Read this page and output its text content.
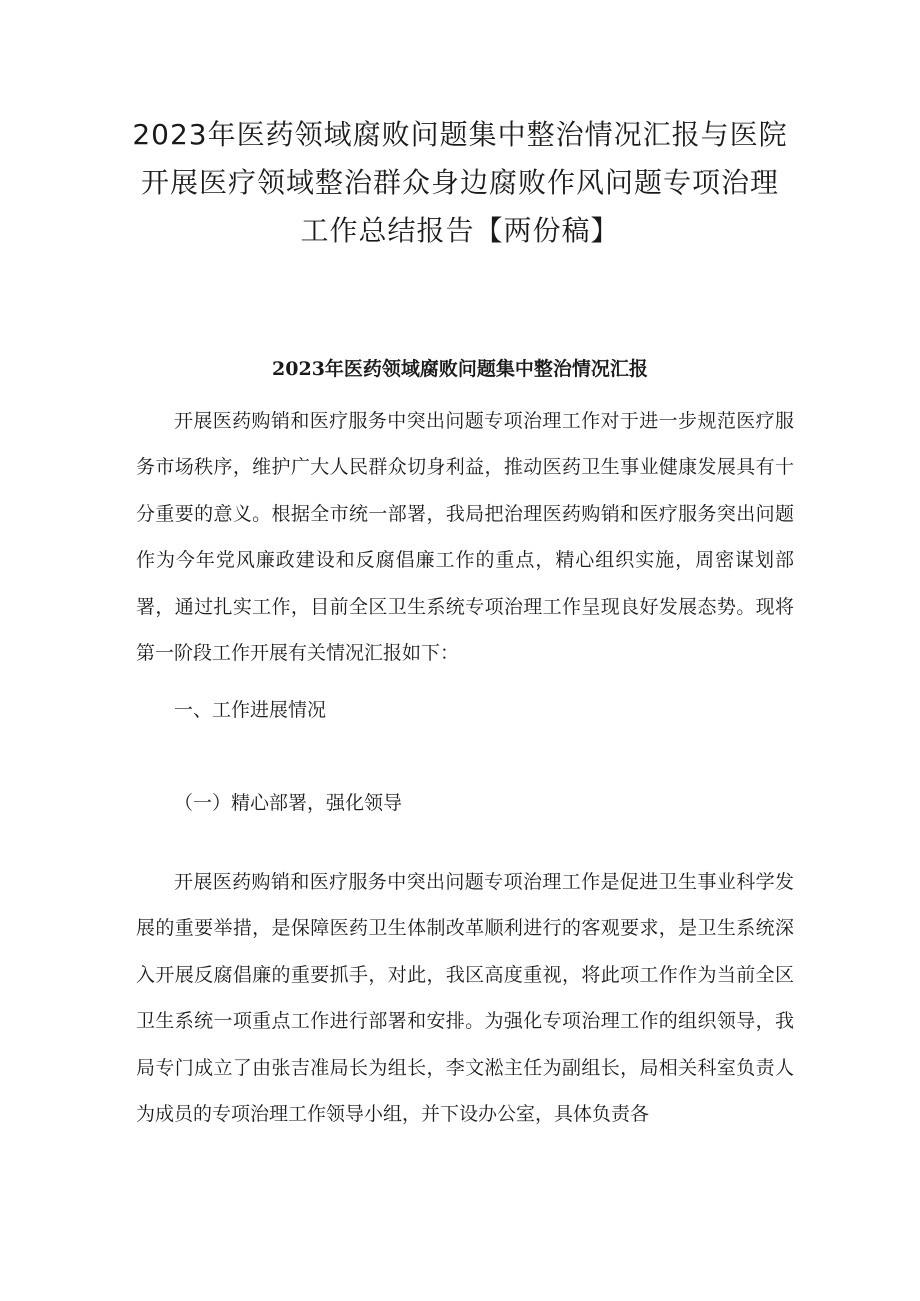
2023年医药领域腐败问题集中整治情况汇报与医院
开展医疗领域整治群众身边腐败作风问题专项治理
工作总结报告【两份稿】
2023年医药领域腐败问题集中整治情况汇报

开展医药购销和医疗服务中突出问题专项治理工作对于进一步规范医疗服务市场秩序，维护广大人民群众切身利益，推动医药卫生事业健康发展具有十分重要的意义。根据全市统一部署，我局把治理医药购销和医疗服务突出问题作为今年党风廉政建设和反腐倡廉工作的重点，精心组织实施，周密谋划部署，通过扎实工作，目前全区卫生系统专项治理工作呈现良好发展态势。现将第一阶段工作开展有关情况汇报如下：

一、工作进展情况

（一）精心部署，强化领导

开展医药购销和医疗服务中突出问题专项治理工作是促进卫生事业科学发展的重要举措，是保障医药卫生体制改革顺利进行的客观要求，是卫生系统深入开展反腐倡廉的重要抓手，对此，我区高度重视，将此项工作作为当前全区卫生系统一项重点工作进行部署和安排。为强化专项治理工作的组织领导，我局专门成立了由张吉准局长为组长，李文淞主任为副组长，局相关科室负责人为成员的专项治理工作领导小组，并下设办公室，具体负责各
